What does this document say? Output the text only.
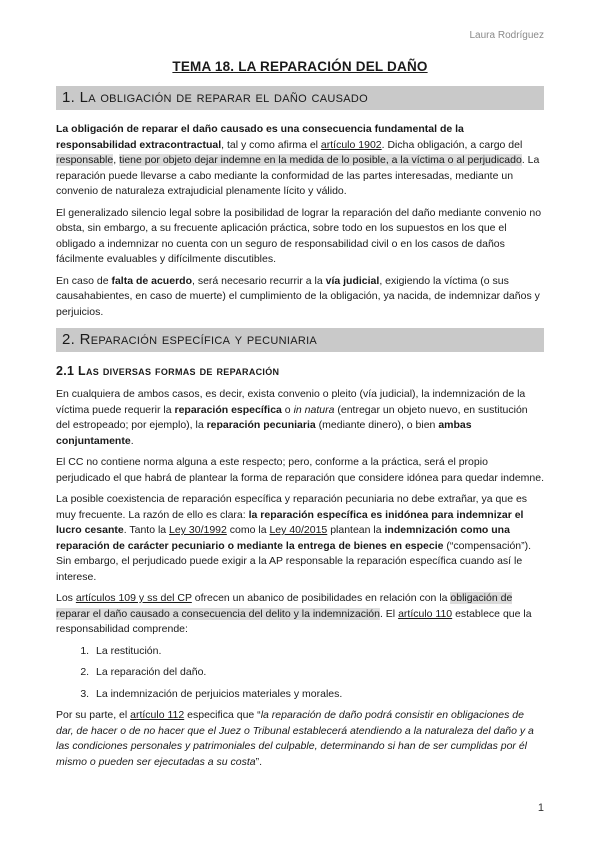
Laura Rodríguez
TEMA 18. LA REPARACIÓN DEL DAÑO
1. La obligación de reparar el daño causado

La obligación de reparar el daño causado es una consecuencia fundamental de la responsabilidad extracontractual, tal y como afirma el artículo 1902. Dicha obligación, a cargo del responsable, tiene por objeto dejar indemne en la medida de lo posible, a la víctima o al perjudicado. La reparación puede llevarse a cabo mediante la conformidad de las partes interesadas, mediante un convenio de naturaleza extrajudicial plenamente lícito y válido.

El generalizado silencio legal sobre la posibilidad de lograr la reparación del daño mediante convenio no obsta, sin embargo, a su frecuente aplicación práctica, sobre todo en los supuestos en los que el obligado a indemnizar no cuenta con un seguro de responsabilidad civil o en los casos de daños fácilmente evaluables y difícilmente discutibles.

En caso de falta de acuerdo, será necesario recurrir a la vía judicial, exigiendo la víctima (o sus causahabientes, en caso de muerte) el cumplimiento de la obligación, ya nacida, de indemnizar daños y perjuicios.

2. Reparación específica y pecuniaria
2.1 Las diversas formas de reparación

En cualquiera de ambos casos, es decir, exista convenio o pleito (vía judicial), la indemnización de la víctima puede requerir la reparación específica o in natura (entregar un objeto nuevo, en sustitución del estropeado; por ejemplo), la reparación pecuniaria (mediante dinero), o bien ambas conjuntamente.

El CC no contiene norma alguna a este respecto; pero, conforme a la práctica, será el propio perjudicado el que habrá de plantear la forma de reparación que considere idónea para quedar indemne.

La posible coexistencia de reparación específica y reparación pecuniaria no debe extrañar, ya que es muy frecuente. La razón de ello es clara: la reparación específica es inidónea para indemnizar el lucro cesante. Tanto la Ley 30/1992 como la Ley 40/2015 plantean la indemnización como una reparación de carácter pecuniario o mediante la entrega de bienes en especie (“compensación”). Sin embargo, el perjudicado puede exigir a la AP responsable la reparación específica cuando así le interese.

Los artículos 109 y ss del CP ofrecen un abanico de posibilidades en relación con la obligación de reparar el daño causado a consecuencia del delito y la indemnización. El artículo 110 establece que la responsabilidad comprende:

1. La restitución.
2. La reparación del daño.
3. La indemnización de perjuicios materiales y morales.

Por su parte, el artículo 112 especifica que “la reparación de daño podrá consistir en obligaciones de dar, de hacer o de no hacer que el Juez o Tribunal establecerá atendiendo a la naturaleza del daño y a las condiciones personales y patrimoniales del culpable, determinando si han de ser cumplidas por él mismo o pueden ser ejecutadas a su costa”.

1
